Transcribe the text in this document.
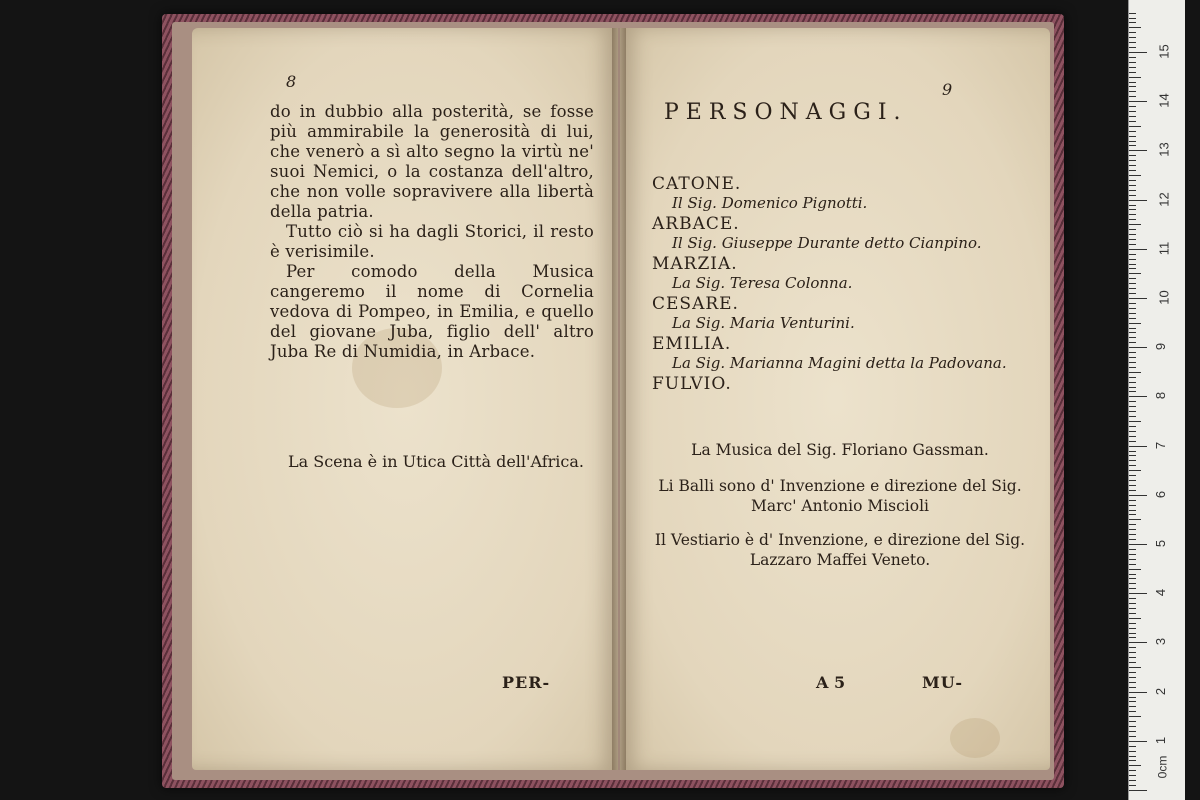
8

do in dubbio alla posterità, se fosse più ammirabile la generosità di lui, che venerò a sì alto segno la virtù ne' suoi Nemici, o la costanza dell'altro, che non volle sopravivere alla libertà della patria.

Tutto ciò si ha dagli Storici, il resto è verisimile.

Per comodo della Musica cangeremo il nome di Cornelia vedova di Pompeo, in Emilia, e quello del giovane Juba, figlio dell' altro Juba Re di Numidia, in Arbace.

La Scena è in Utica Città dell'Africa.
PER-
9
PERSONAGGI.
CATONE.
Il Sig. Domenico Pignotti.
ARBACE.
Il Sig. Giuseppe Durante detto Cianpino.
MARZIA.
La Sig. Teresa Colonna.
CESARE.
La Sig. Maria Venturini.
EMILIA.
La Sig. Marianna Magini detta la Padovana.
FULVIO.
La Musica del Sig. Floriano Gassman.
Li Balli sono d' Invenzione e direzione del Sig. Marc' Antonio Miscioli
Il Vestiario è d' Invenzione, e direzione del Sig. Lazzaro Maffei Veneto.
A 5	MU-
0cm
1
2
3
4
5
6
7
8
9
10
11
12
13
14
15
